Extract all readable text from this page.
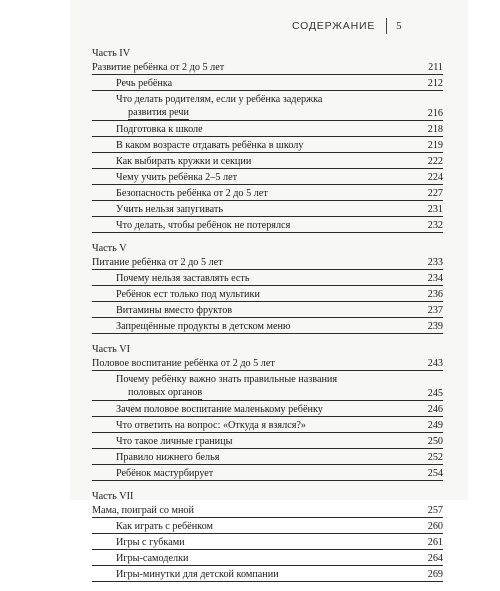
СОДЕРЖАНИЕ 5
Часть IV
Развитие ребёнка от 2 до 5 лет	211
Речь ребёнка	212
Что делать родителям, если у ребёнка задержка
развития речи	216
Подготовка к школе	218
В каком возрасте отдавать ребёнка в школу	219
Как выбирать кружки и секции	222
Чему учить ребёнка 2–5 лет	224
Безопасность ребёнка от 2 до 5 лет	227
Учить нельзя запугивать	231
Что делать, чтобы ребёнок не потерялся	232
Часть V
Питание ребёнка от 2 до 5 лет	233
Почему нельзя заставлять есть	234
Ребёнок ест только под мультики	236
Витамины вместо фруктов	237
Запрещённые продукты в детском меню	239
Часть VI
Половое воспитание ребёнка от 2 до 5 лет	243
Почему ребёнку важно знать правильные названия
половых органов	245
Зачем половое воспитание маленькому ребёнку	246
Что ответить на вопрос: «Откуда я взялся?»	249
Что такое личные границы	250
Правило нижнего белья	252
Ребёнок мастурбирует	254
Часть VII
Мама, поиграй со мной	257
Как играть с ребёнком	260
Игры с губками	261
Игры-самоделки	264
Игры-минутки для детской компании	269
